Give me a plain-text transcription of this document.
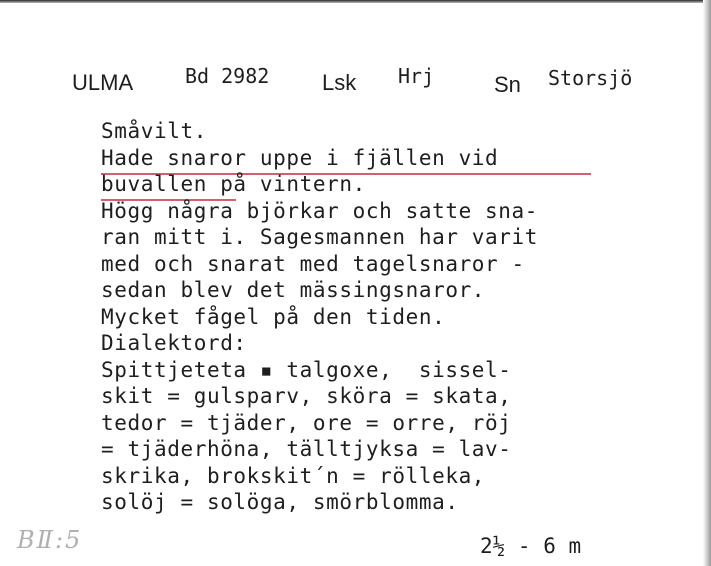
ULMA	Bd 2982 Lsk Hrj	Sn Storsjö
Småvilt.
Hade snaror uppe i fjällen vid
buvallen på vintern.
Högg några björkar och satte sna-
ran mitt i. Sagesmannen har varit
med och snarat med tagelsnaror -
sedan blev det mässingsnaror.
Mycket fågel på den tiden.
Dialektord:
Spittjeteta ▪ talgoxe,  sissel-
skit = gulsparv, sköra = skata,
tedor = tjäder, ore = orre, röj
= tjäderhöna, tälltjyksa = lav-
skrika, brokskit´n = rölleka,
solöj = solöga, smörblomma.
BⅡ:5	2½ - 6 m
